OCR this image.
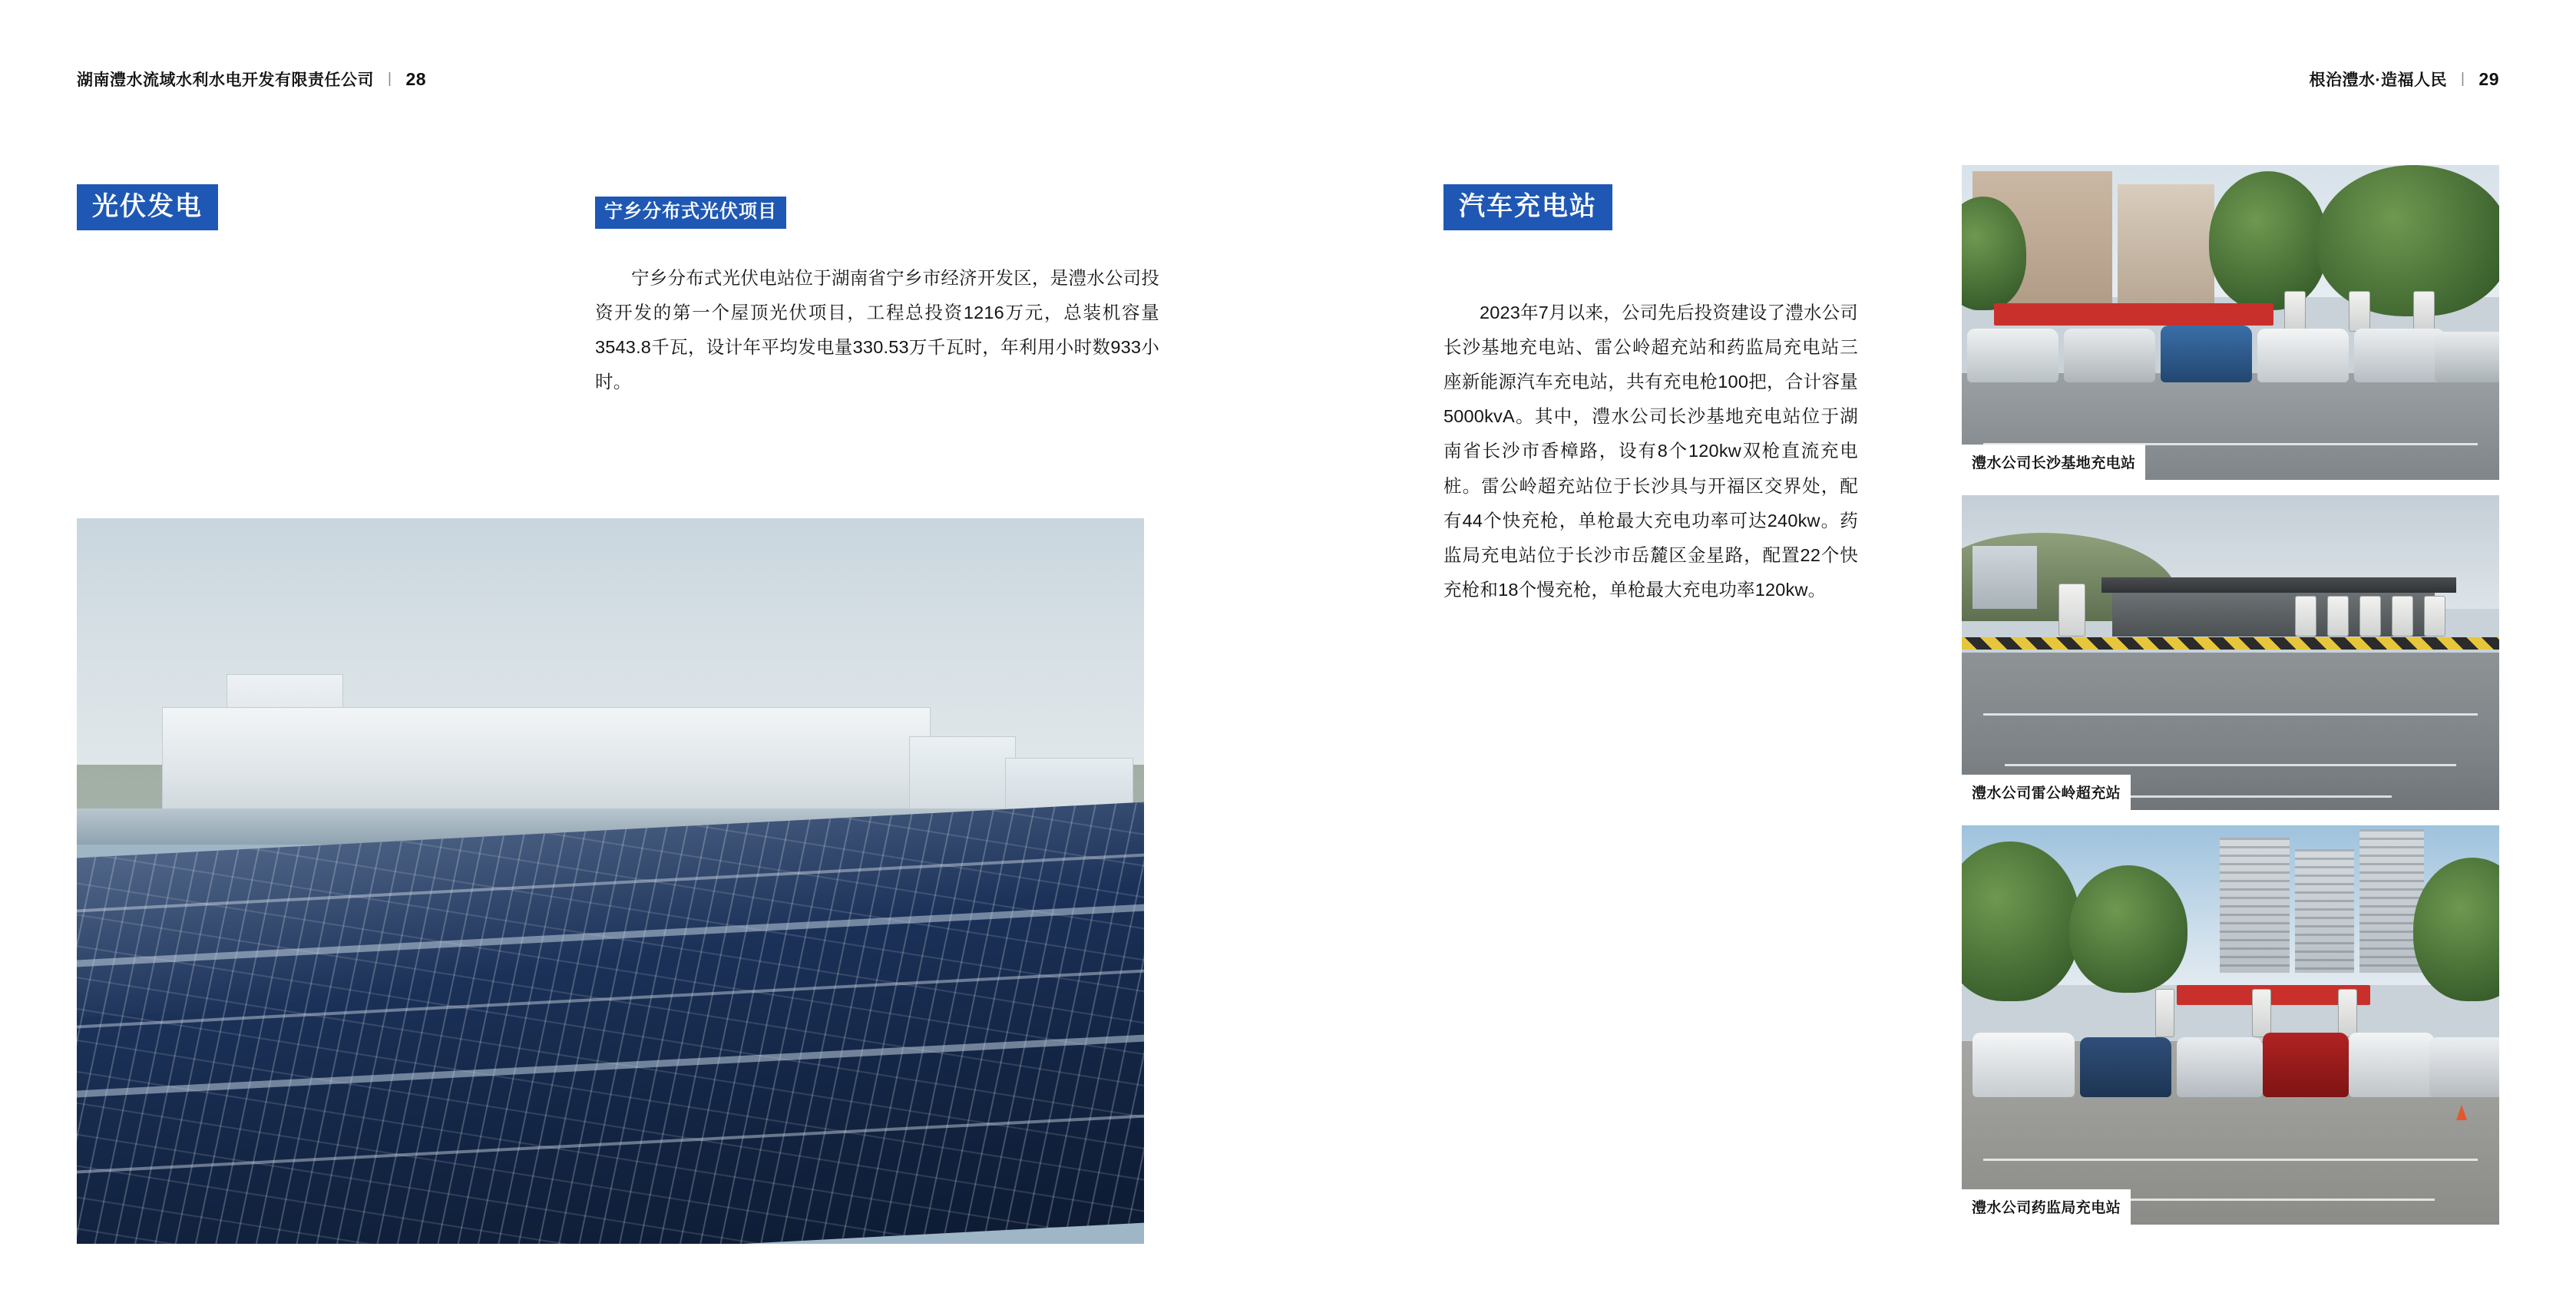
湖南澧水流域水利水电开发有限责任公司 | 28
光伏发电	宁乡分布式光伏项目
宁乡分布式光伏电站位于湖南省宁乡市经济开发区，是澧水公司投资开发的第一个屋顶光伏项目，工程总投资1216万元，总装机容量3543.8千瓦，设计年平均发电量330.53万千瓦时，年利用小时数933小时。
根治澧水·造福人民 | 29
汽车充电站
2023年7月以来，公司先后投资建设了澧水公司长沙基地充电站、雷公岭超充站和药监局充电站三座新能源汽车充电站，共有充电枪100把，合计容量5000kvA。其中，澧水公司长沙基地充电站位于湖南省长沙市香樟路，设有8个120kw双枪直流充电桩。雷公岭超充站位于长沙具与开福区交界处，配有44个快充枪，单枪最大充电功率可达240kw。药监局充电站位于长沙市岳麓区金星路，配置22个快充枪和18个慢充枪，单枪最大充电功率120kw。
澧水公司长沙基地充电站
澧水公司雷公岭超充站
澧水公司药监局充电站
